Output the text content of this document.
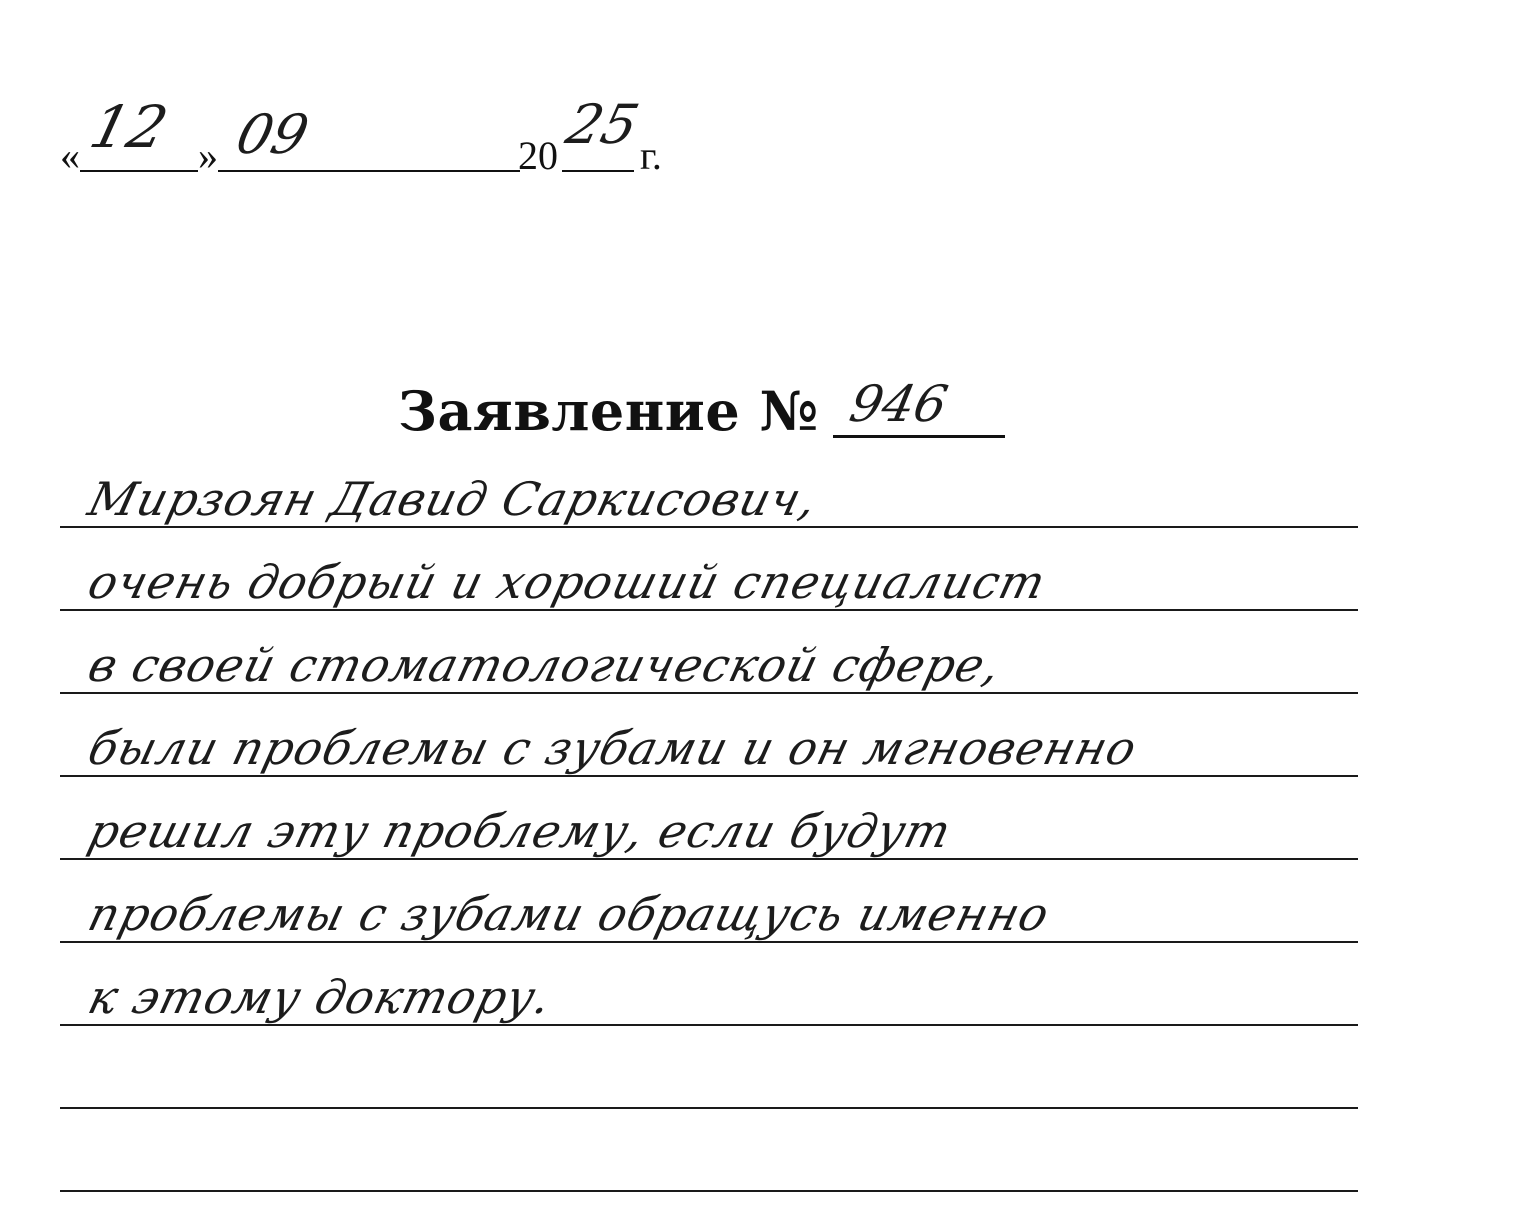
« 12 » 09	20 25
г.
Заявление № 946
Мирзоян Давид Саркисович,
очень добрый и хороший специалист
в своей стоматологической сфере,
были проблемы с зубами и он мгновенно
решил эту проблему, если будут
проблемы с зубами обращусь именно
к этому доктору.
